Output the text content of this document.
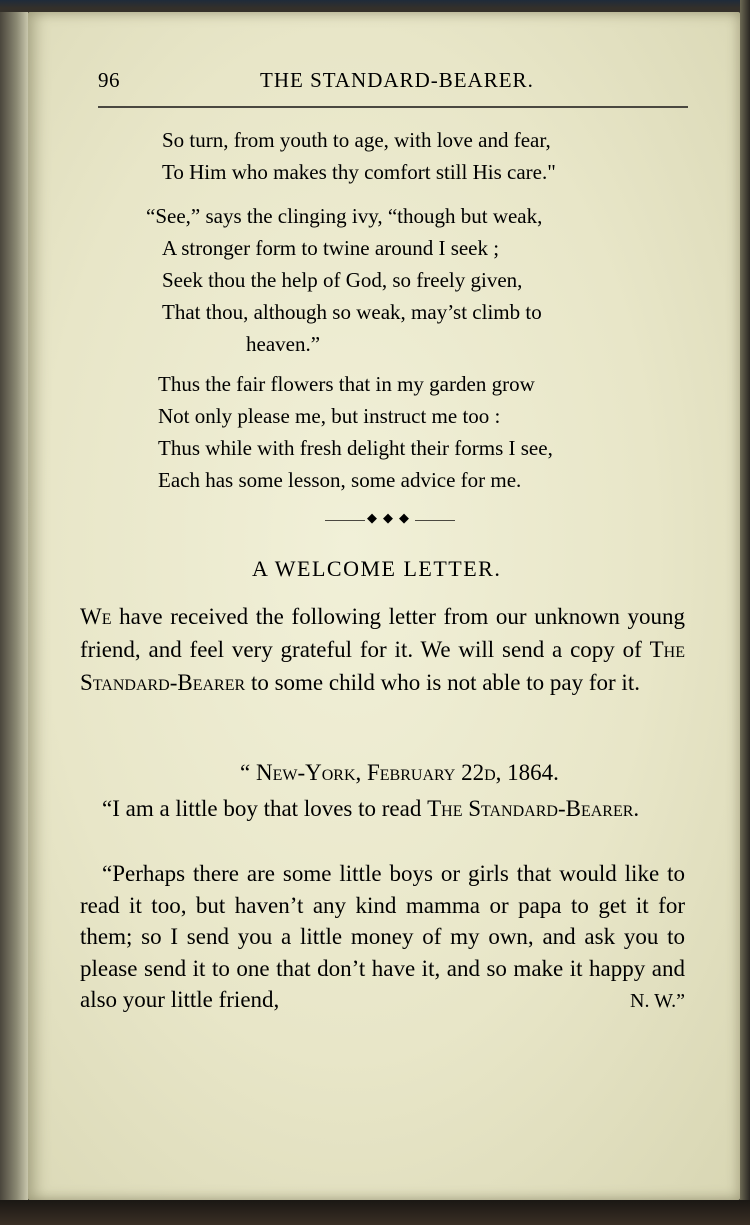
96	THE STANDARD-BEARER.
So turn, from youth to age, with love and fear,
To Him who makes thy comfort still His care."
“See,” says the clinging ivy, “though but weak,
A stronger form to twine around I seek ;
Seek thou the help of God, so freely given,
That thou, although so weak, may’st climb to
heaven.”
Thus the fair flowers that in my garden grow
Not only please me, but instruct me too :
Thus while with fresh delight their forms I see,
Each has some lesson, some advice for me.
◆◆◆
A WELCOME LETTER.
We have received the following letter from our unknown young friend, and feel very grateful for it. We will send a copy of The Standard-Bearer to some child who is not able to pay for it.
“ New-York, February 22d, 1864.
“I am a little boy that loves to read The Standard-Bearer.
“Perhaps there are some little boys or girls that would like to read it too, but haven’t any kind mamma or papa to get it for them; so I send you a little money of my own, and ask you to please send it to one that don’t have it, and so make it happy and also your little friend,	N. W.”
